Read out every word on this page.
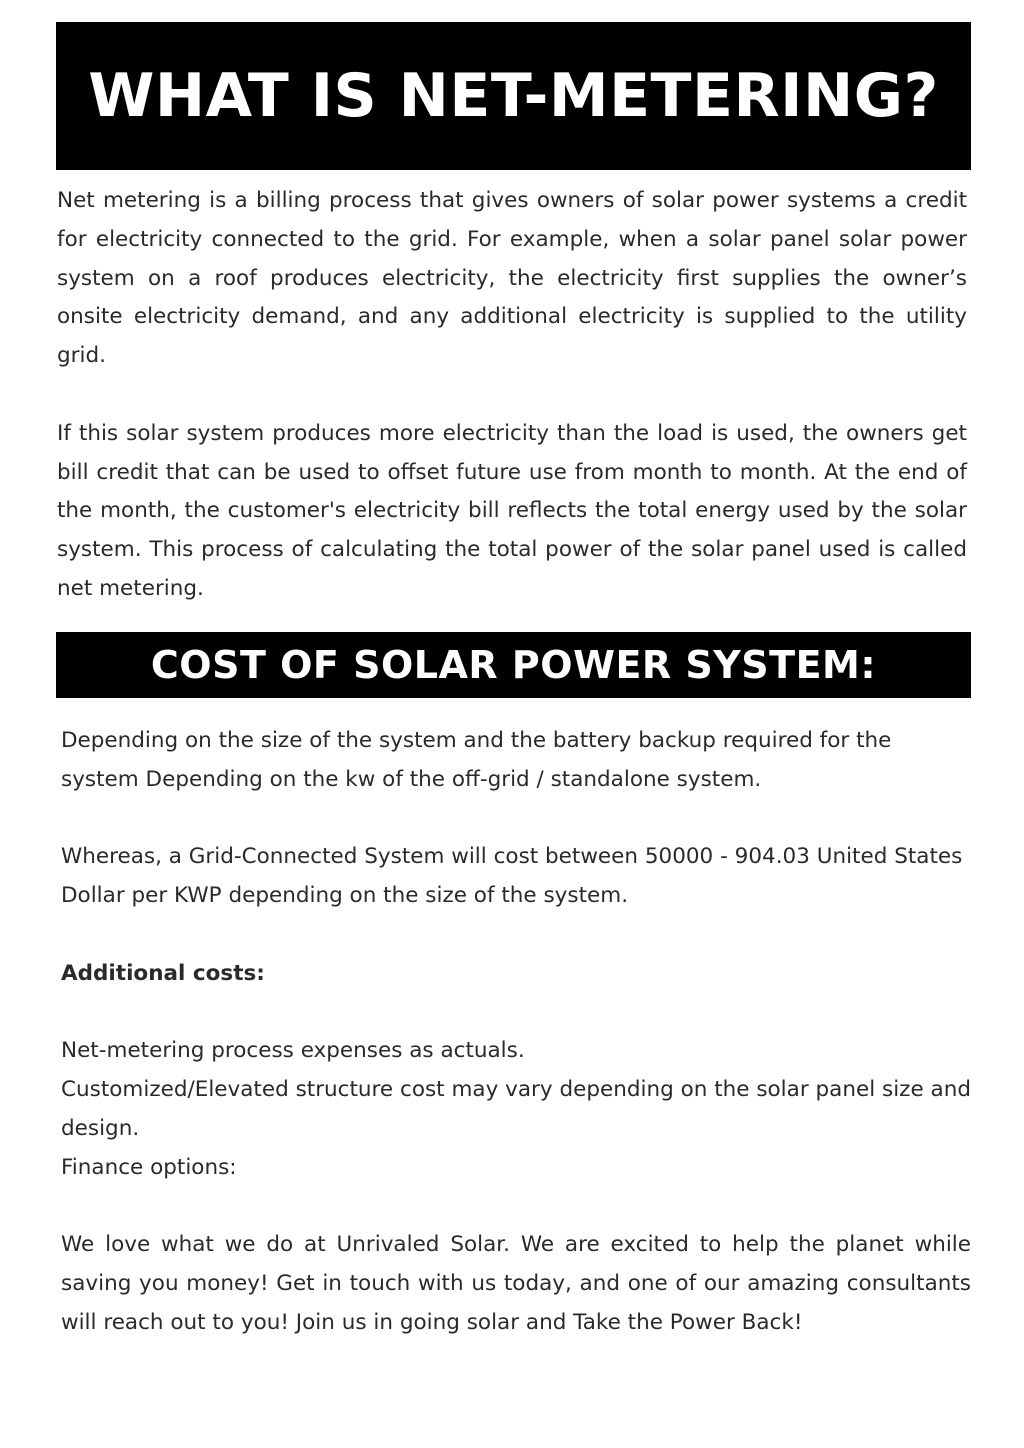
WHAT IS NET-METERING?

Net metering is a billing process that gives owners of solar power systems a credit for electricity connected to the grid. For example, when a solar panel solar power system on a roof produces electricity, the electricity first supplies the owner’s onsite electricity demand, and any additional electricity is supplied to the utility grid.

If this solar system produces more electricity than the load is used, the owners get bill credit that can be used to offset future use from month to month. At the end of the month, the customer's electricity bill reflects the total energy used by the solar system. This process of calculating the total power of the solar panel used is called net metering.

COST OF SOLAR POWER SYSTEM:

Depending on the size of the system and the battery backup required for the system Depending on the kw of the off-grid / standalone system.

Whereas, a Grid-Connected System will cost between 50000 - 904.03 United States Dollar per KWP depending on the size of the system.

Additional costs:

Net-metering process expenses as actuals.

Customized/Elevated structure cost may vary depending on the solar panel size and design.

Finance options:

We love what we do at Unrivaled Solar. We are excited to help the planet while saving you money! Get in touch with us today, and one of our amazing consultants will reach out to you! Join us in going solar and Take the Power Back!
